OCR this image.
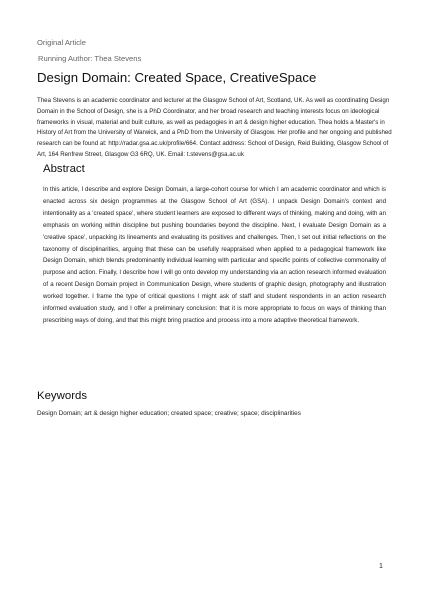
Original Article
Running Author: Thea Stevens
Design Domain: Created Space, CreativeSpace
Thea Stevens is an academic coordinator and lecturer at the Glasgow School of Art, Scotland, UK. As well as coordinating Design Domain in the School of Design, she is a PhD Coordinator, and her broad research and teaching interests focus on ideological frameworks in visual, material and built culture, as well as pedagogies in art & design higher education. Thea holds a Master's in History of Art from the University of Warwick, and a PhD from the University of Glasgow. Her profile and her ongoing and published research can be found at: http://radar.gsa.ac.uk/profile/664. Contact address: School of Design, Reid Building, Glasgow School of Art, 164 Renfrew Street, Glasgow G3 6RQ, UK. Email: t.stevens@gsa.ac.uk
Abstract
In this article, I describe and explore Design Domain, a large-cohort course for which I am academic coordinator and which is enacted across six design programmes at the Glasgow School of Art (GSA). I unpack Design Domain's context and intentionality as a 'created space', where student learners are exposed to different ways of thinking, making and doing, with an emphasis on working within discipline but pushing boundaries beyond the discipline. Next, I evaluate Design Domain as a 'creative space', unpacking its lineaments and evaluating its positives and challenges. Then, I set out initial reflections on the taxonomy of disciplinarities, arguing that these can be usefully reappraised when applied to a pedagogical framework like Design Domain, which blends predominantly individual learning with particular and specific points of collective commonality of purpose and action. Finally, I describe how I will go onto develop my understanding via an action research informed evaluation of a recent Design Domain project in Communication Design, where students of graphic design, photography and illustration worked together. I frame the type of critical questions I might ask of staff and student respondents in an action research informed evaluation study, and I offer a preliminary conclusion: that it is more appropriate to focus on ways of thinking than prescribing ways of doing, and that this might bring practice and process into a more adaptive theoretical framework.
Keywords
Design Domain; art & design higher education; created space; creative; space; disciplinarities
1
